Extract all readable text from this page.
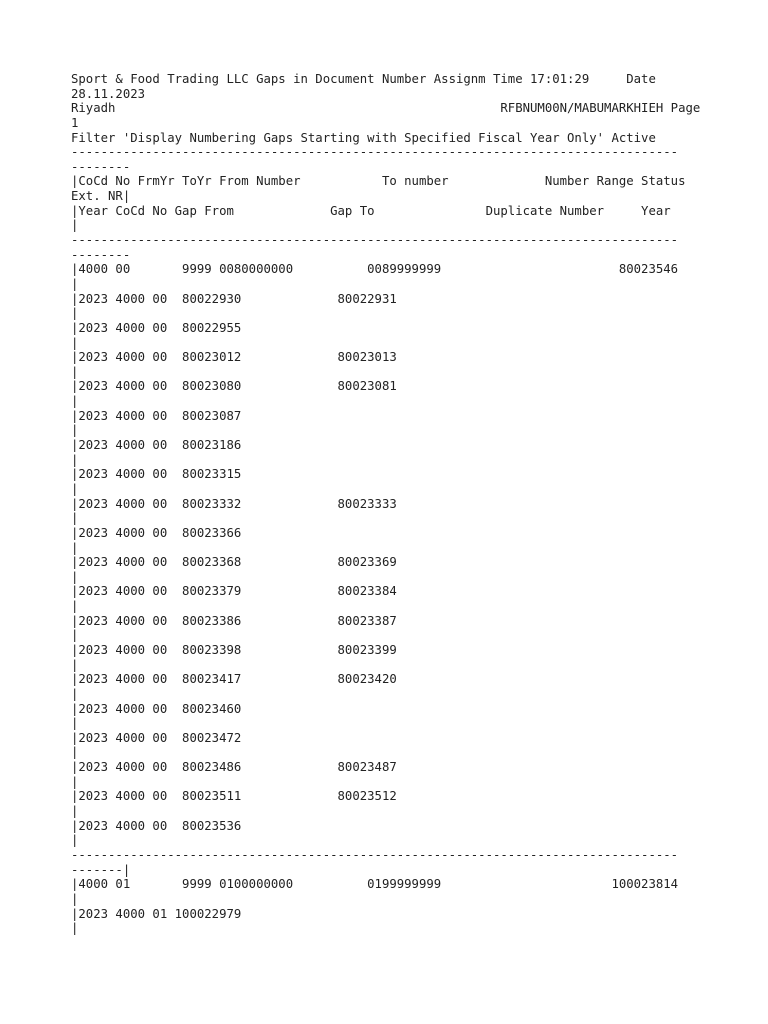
Sport & Food Trading LLC Gaps in Document Number Assignm Time 17:01:29     Date
28.11.2023
Riyadh                                                    RFBNUM00N/MABUMARKHIEH Page
1
Filter 'Display Numbering Gaps Starting with Specified Fiscal Year Only' Active
----------------------------------------------------------------------------------
--------
|CoCd No FrmYr ToYr From Number           To number             Number Range Status
Ext. NR|
|Year CoCd No Gap From             Gap To               Duplicate Number     Year
|
----------------------------------------------------------------------------------
--------
|4000 00       9999 0080000000          0089999999                        80023546
|
|2023 4000 00  80022930             80022931
|
|2023 4000 00  80022955
|
|2023 4000 00  80023012             80023013
|
|2023 4000 00  80023080             80023081
|
|2023 4000 00  80023087
|
|2023 4000 00  80023186
|
|2023 4000 00  80023315
|
|2023 4000 00  80023332             80023333
|
|2023 4000 00  80023366
|
|2023 4000 00  80023368             80023369
|
|2023 4000 00  80023379             80023384
|
|2023 4000 00  80023386             80023387
|
|2023 4000 00  80023398             80023399
|
|2023 4000 00  80023417             80023420
|
|2023 4000 00  80023460
|
|2023 4000 00  80023472
|
|2023 4000 00  80023486             80023487
|
|2023 4000 00  80023511             80023512
|
|2023 4000 00  80023536
|
----------------------------------------------------------------------------------
-------|
|4000 01       9999 0100000000          0199999999                       100023814
|
|2023 4000 01 100022979
|
